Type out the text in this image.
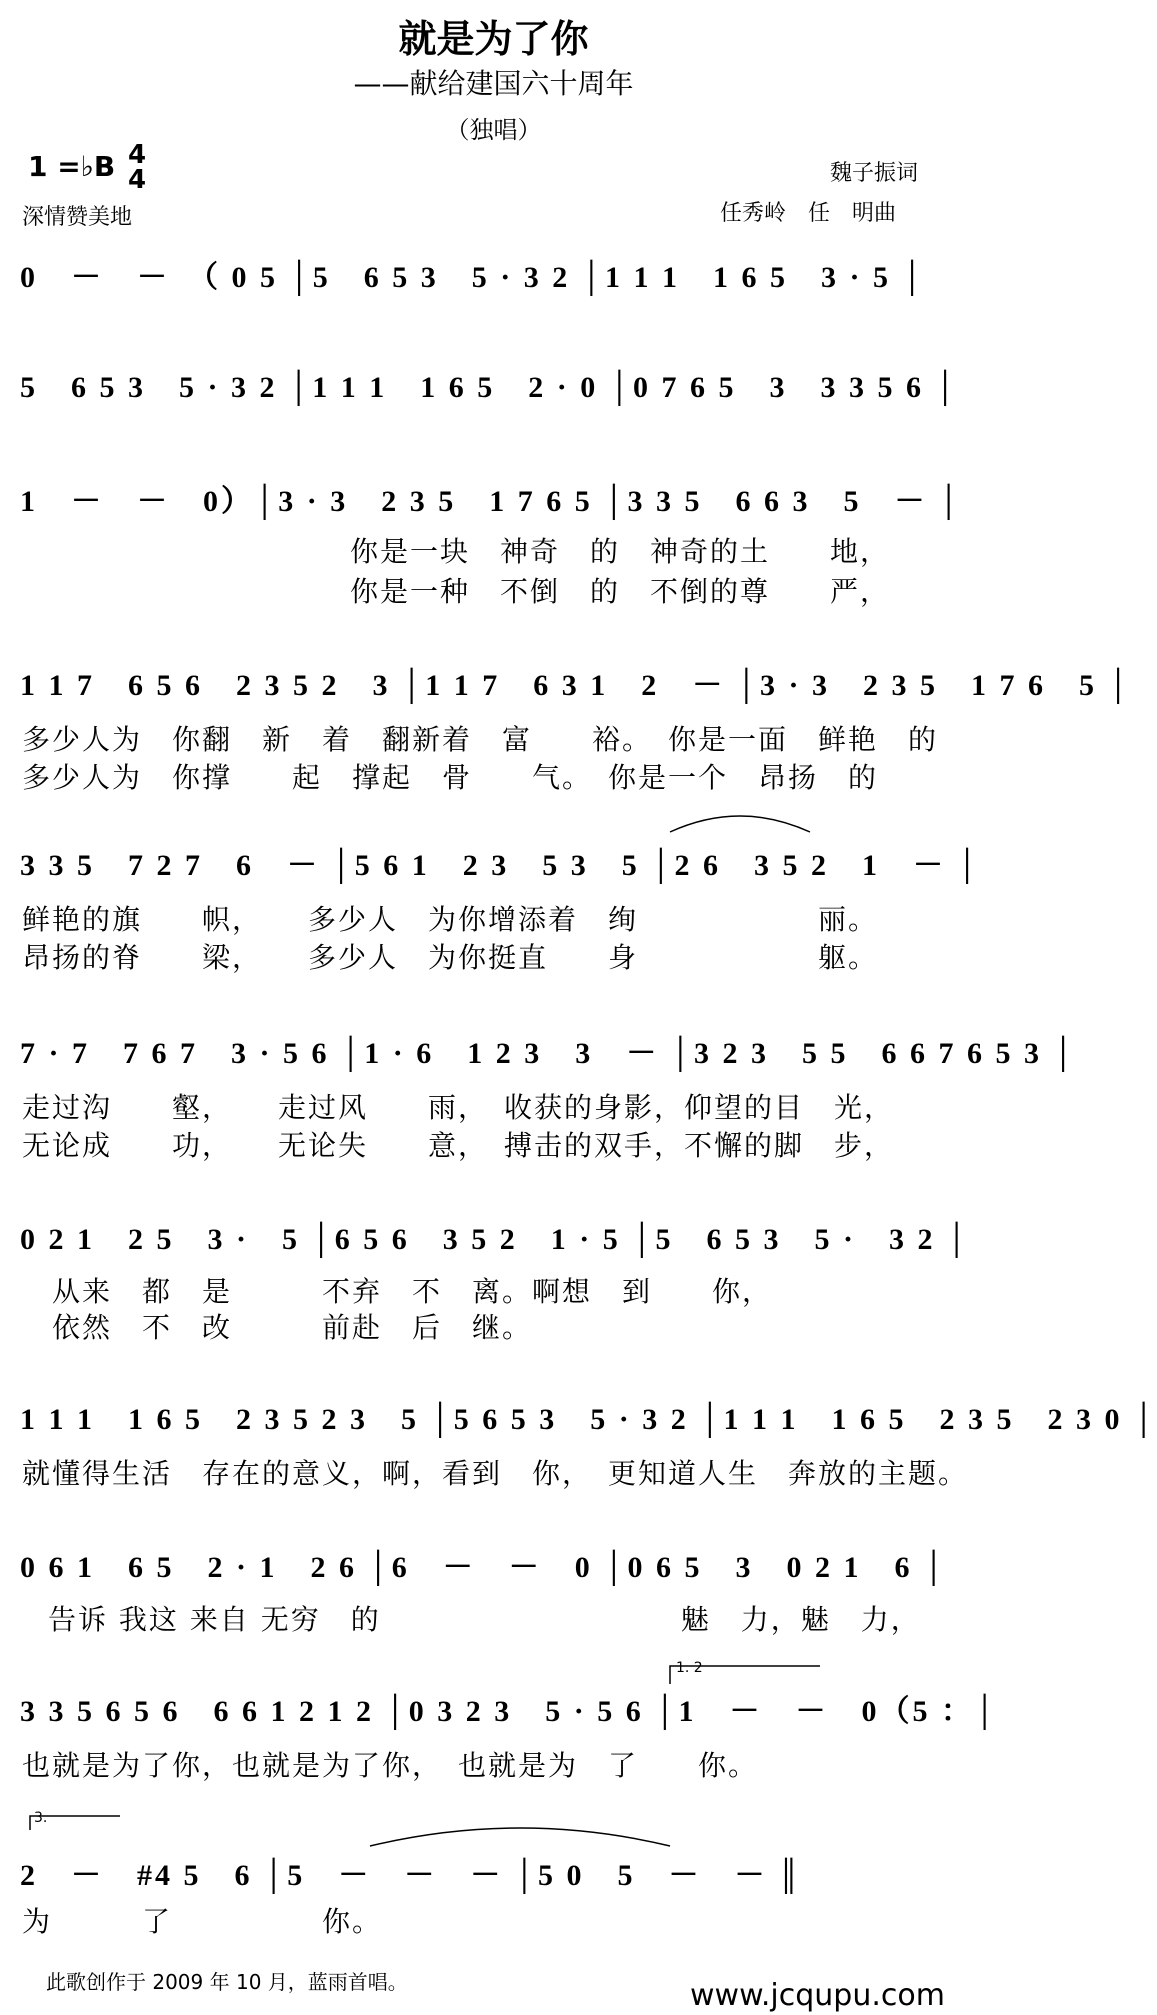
就是为了你
——献给建国六十周年
（独唱）
1 =♭B 4
4
深情赞美地
魏子振词
任秀岭　任　明曲
0　－　－　（ 0 5 │5　6 5 3　5 · 3 2 │1 1 1　1 6 5　3 · 5 │
5　6 5 3　5 · 3 2 │1 1 1　1 6 5　2 · 0 │0 7 6 5　3　3 3 5 6 │
1　－　－　0）│3 · 3　2 3 5　1 7 6 5 │3 3 5　6 6 3　5　－ │
你是一块　神奇　的　神奇的土　　地，
你是一种　不倒　的　不倒的尊　　严，
1 1 7　6 5 6　2 3 5 2　3 │1 1 7　6 3 1　2　－ │3 · 3　2 3 5　1 7 6　5 │
多少人为　你翻　新　着　翻新着　富　　裕。　你是一面　鲜艳　的
多少人为　你撑　　起　撑起　骨　　气。　你是一个　昂扬　的
3 3 5　7 2 7　6　－ │5 6 1　2 3　5 3　5 │2 6　3 5 2　1　－ │
鲜艳的旗　　帜，　　多少人　为你增添着　绚　　　　　　丽。
昂扬的脊　　梁，　　多少人　为你挺直　　身　　　　　　躯。
7 · 7　7 6 7　3 · 5 6 │1 · 6　1 2 3　3　－ │3 2 3　5 5　6 6 7 6 5 3 │
走过沟　　壑，　　走过风　　雨，　收获的身影，仰望的目　光，
无论成　　功，　　无论失　　意，　搏击的双手，不懈的脚　步，
0 2 1　2 5　3 ·　5 │6 5 6　3 5 2　1 · 5 │5　6 5 3　5 ·　3 2 │
从来　都　是　　　不弃　不　离。啊想　到　　你，
依然　不　改　　　前赴　后　继。
1 1 1　1 6 5　2 3 5 2 3　5 │5 6 5 3　5 · 3 2 │1 1 1　1 6 5　2 3 5　2 3 0 │
就懂得生活　存在的意义，啊，看到　你，　更知道人生　奔放的主题。
0 6 1　6 5　2 · 1　2 6 │6　－　－　0 │0 6 5　3　0 2 1　6 │
告诉 我这 来自 无穷　的　　　　　　　　　　魅　力，魅　力，
1. 2
3 3 5 6 5 6　6 6 1 2 1 2 │0 3 2 3　5 · 5 6 │1　－　－　0（5 ：│
也就是为了你，也就是为了你，　也就是为　了　　你。
3.
2　－　#4 5　6 │5　－　－　－ │5 0　5　－　－ ║
为　　　了　　　　　你。
此歌创作于 2009 年 10 月，蓝雨首唱。	www.jcqupu.com
